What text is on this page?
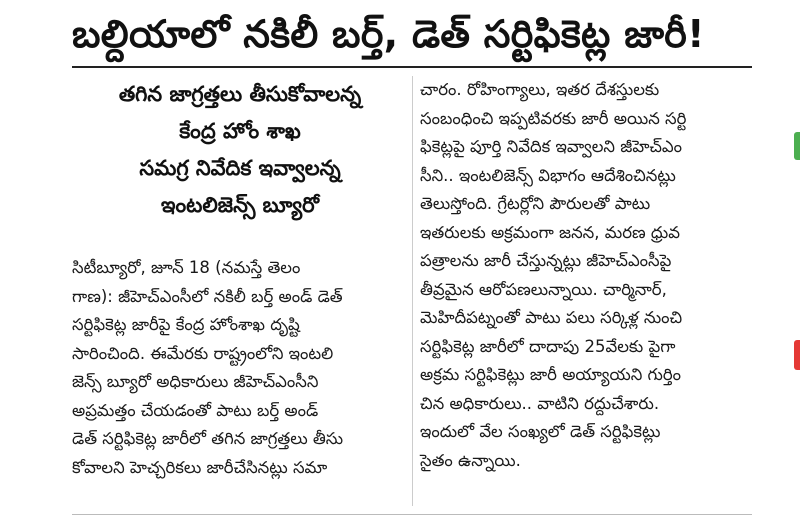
బల్దియాలో నకిలీ బర్త్, డెత్ సర్టిఫికెట్ల జారీ!
తగిన జాగ్రత్తలు తీసుకోవాలన్న
కేంద్ర హోం శాఖ
సమగ్ర నివేదిక ఇవ్వాలన్న
ఇంటలిజెన్స్ బ్యూరో
సిటీబ్యూరో, జూన్ 18 (నమస్తే తెలం
గాణ): జీహెచ్ఎంసీలో నకిలీ బర్త్ అండ్ డెత్
సర్టిఫికెట్ల జారీపై కేంద్ర హోంశాఖ దృష్టి
సారించింది. ఈమేరకు రాష్ట్రంలోని ఇంటలి
జెన్స్ బ్యూరో అధికారులు జీహెచ్ఎంసీని
అప్రమత్తం చేయడంతో పాటు బర్త్ అండ్
డెత్ సర్టిఫికెట్ల జారీలో తగిన జాగ్రత్తలు తీసు
కోవాలని హెచ్చరికలు జారీచేసినట్లు సమా
చారం. రోహింగ్యాలు, ఇతర దేశస్తులకు
సంబంధించి ఇప్పటివరకు జారీ అయిన సర్టి
ఫికెట్లపై పూర్తి నివేదిక ఇవ్వాలని జీహెచ్ఎం
సీని.. ఇంటలిజెన్స్ విభాగం ఆదేశించినట్లు
తెలుస్తోంది. గ్రేటర్లోని పౌరులతో పాటు
ఇతరులకు అక్రమంగా జనన, మరణ ధ్రువ
పత్రాలను జారీ చేస్తున్నట్లు జీహెచ్ఎంసీపై
తీవ్రమైన ఆరోపణలున్నాయి. చార్మినార్,
మెహిదీపట్నంతో పాటు పలు సర్కిళ్ల నుంచి
సర్టిఫికెట్ల జారీలో దాదాపు 25వేలకు పైగా
అక్రమ సర్టిఫికెట్లు జారీ అయ్యాయని గుర్తిం
చిన అధికారులు.. వాటిని రద్దుచేశారు.
ఇందులో వేల సంఖ్యలో డెత్ సర్టిఫికెట్లు
సైతం ఉన్నాయి.
